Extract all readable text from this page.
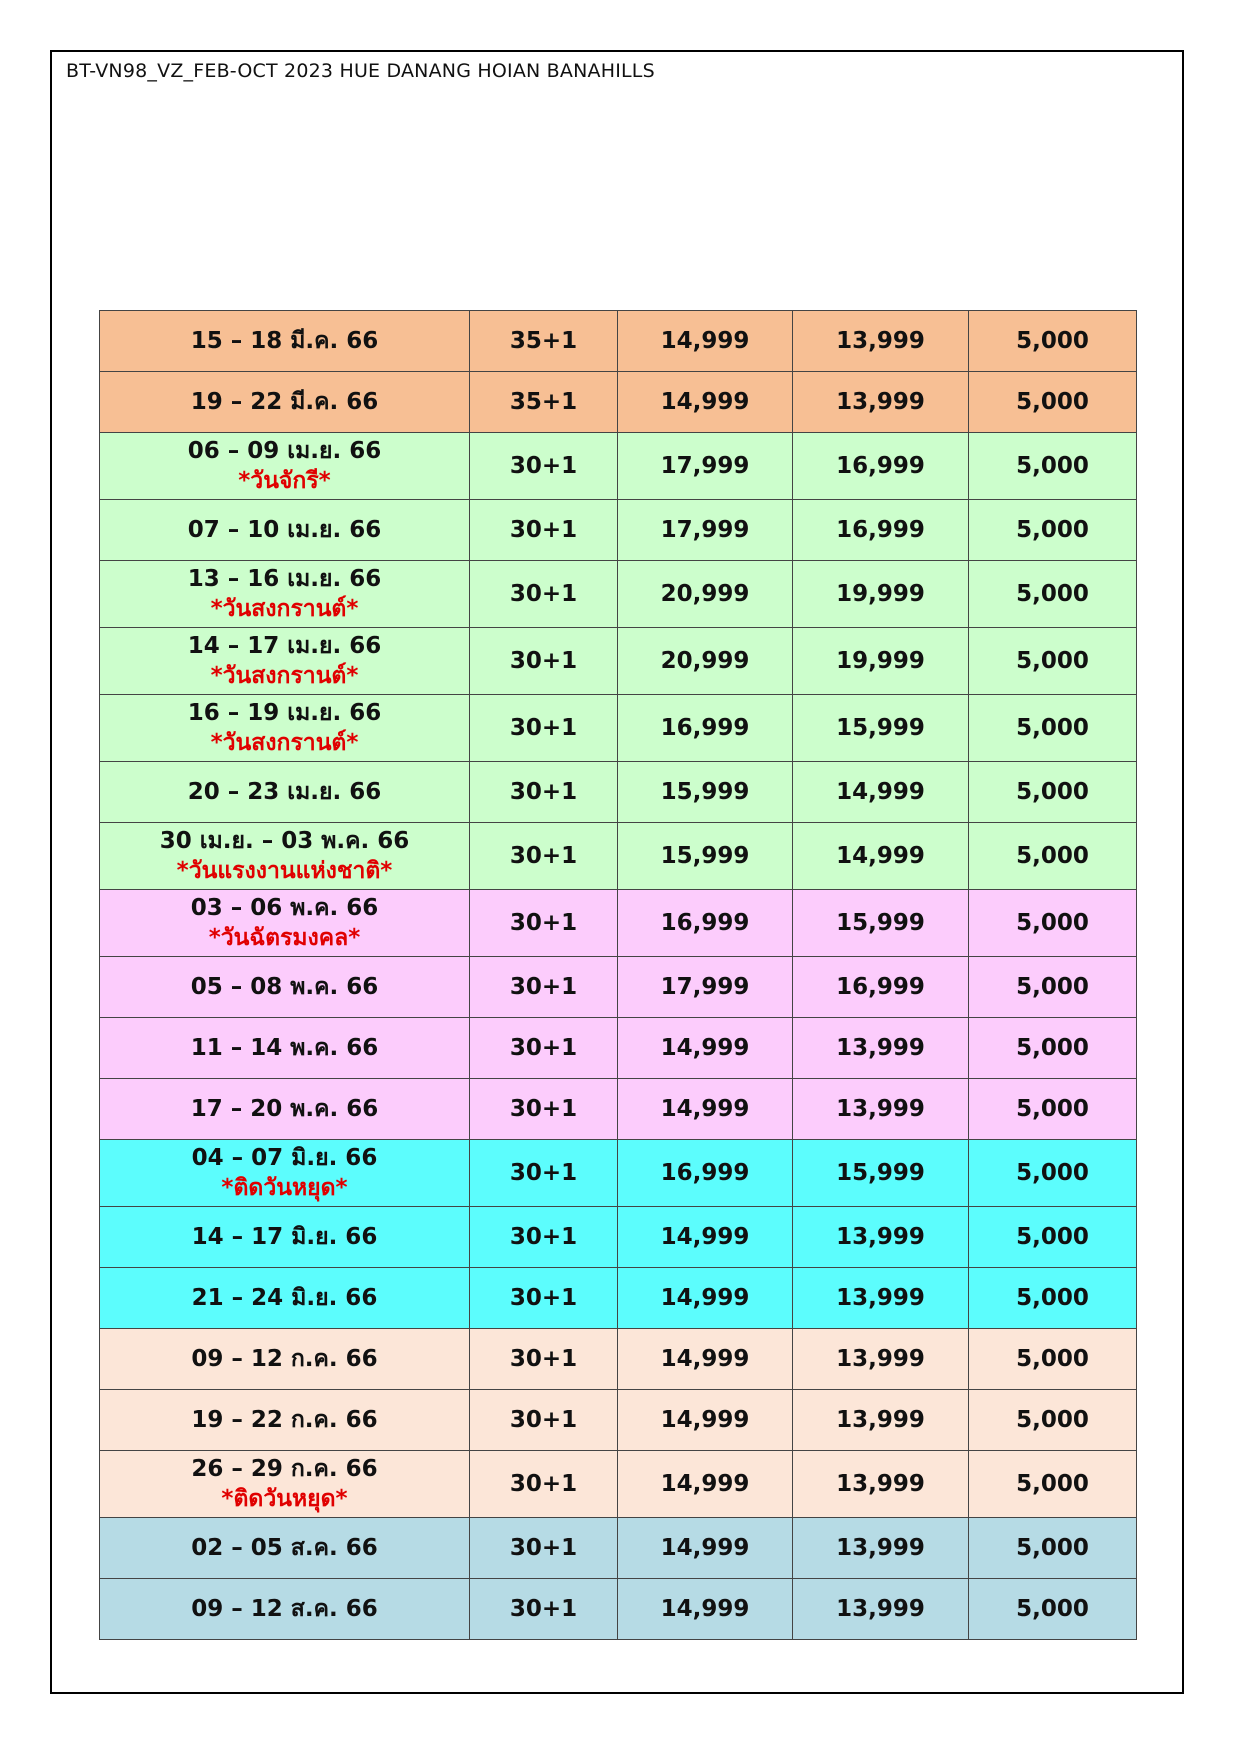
BT-VN98_VZ_FEB-OCT 2023 HUE DANANG HOIAN BANAHILLS
15 – 18 มี.ค. 66	35+1	14,999	13,999	5,000

19 – 22 มี.ค. 66	35+1	14,999	13,999	5,000

06 – 09 เม.ย. 66
*วันจักรี*	30+1	17,999	16,999	5,000

07 – 10 เม.ย. 66	30+1	17,999	16,999	5,000

13 – 16 เม.ย. 66
*วันสงกรานต์*	30+1	20,999	19,999	5,000

14 – 17 เม.ย. 66
*วันสงกรานต์*	30+1	20,999	19,999	5,000

16 – 19 เม.ย. 66
*วันสงกรานต์*	30+1	16,999	15,999	5,000

20 – 23 เม.ย. 66	30+1	15,999	14,999	5,000

30 เม.ย. – 03 พ.ค. 66
*วันแรงงานแห่งชาติ*	30+1	15,999	14,999	5,000

03 – 06 พ.ค. 66
*วันฉัตรมงคล*	30+1	16,999	15,999	5,000

05 – 08 พ.ค. 66	30+1	17,999	16,999	5,000

11 – 14 พ.ค. 66	30+1	14,999	13,999	5,000

17 – 20 พ.ค. 66	30+1	14,999	13,999	5,000

04 – 07 มิ.ย. 66
*ติดวันหยุด*	30+1	16,999	15,999	5,000

14 – 17 มิ.ย. 66	30+1	14,999	13,999	5,000

21 – 24 มิ.ย. 66	30+1	14,999	13,999	5,000

09 – 12 ก.ค. 66	30+1	14,999	13,999	5,000

19 – 22 ก.ค. 66	30+1	14,999	13,999	5,000

26 – 29 ก.ค. 66
*ติดวันหยุด*	30+1	14,999	13,999	5,000

02 – 05 ส.ค. 66	30+1	14,999	13,999	5,000

09 – 12 ส.ค. 66	30+1	14,999	13,999	5,000
